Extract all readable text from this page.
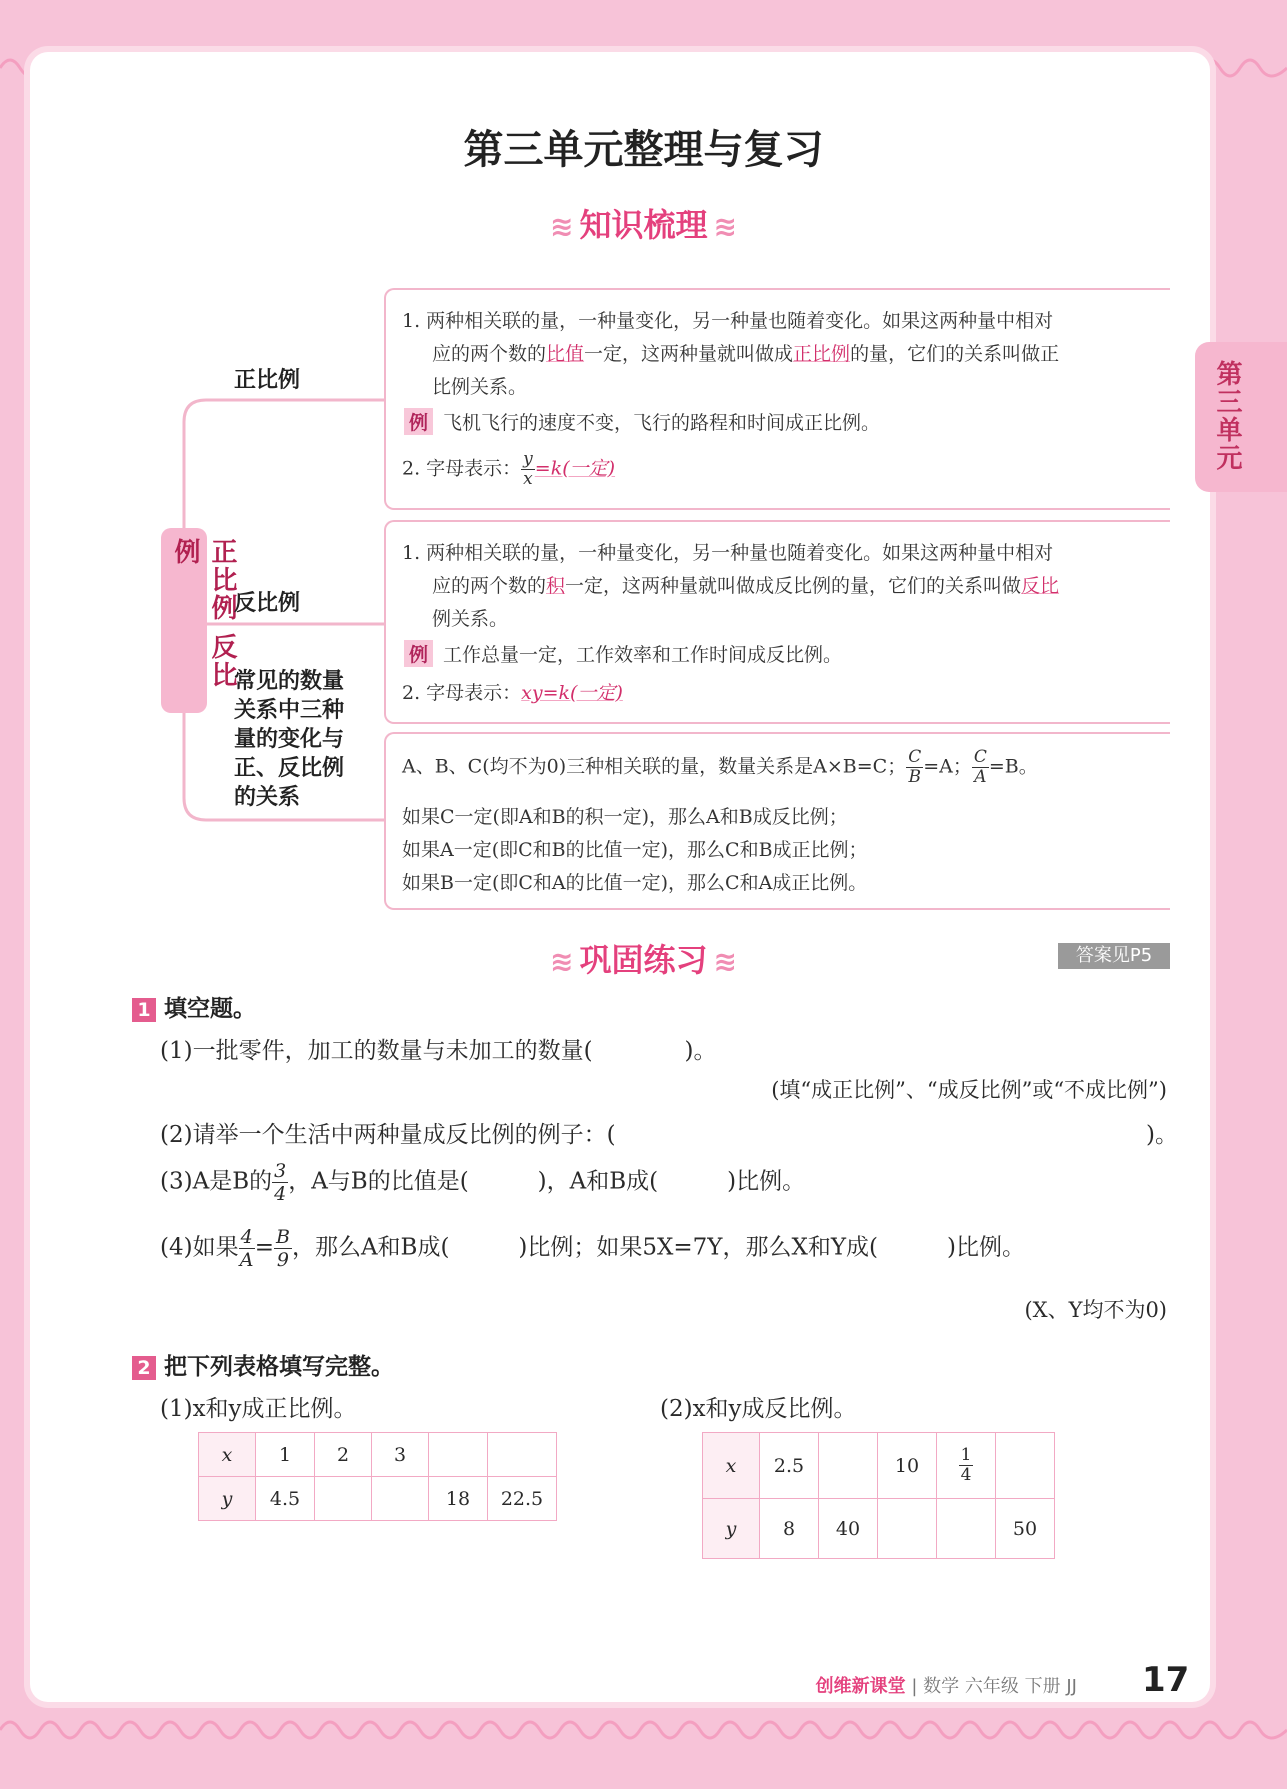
第三单元整理与复习
第三单元
≋ 知识梳理 ≋
正比例 反比例
正比例
反比例
常见的数量关系中三种量的变化与正、反比例的关系
1. 两种相关联的量，一种量变化，另一种量也随着变化。如果这两种量中相对
应的两个数的比值一定，这两种量就叫做成正比例的量，它们的关系叫做正
比例关系。
例 飞机飞行的速度不变，飞行的路程和时间成正比例。
2. 字母表示： $\frac{y}{x} =k$(一定)
1. 两种相关联的量，一种量变化，另一种量也随着变化。如果这两种量中相对
应的两个数的积一定，这两种量就叫做成反比例的量，它们的关系叫做反比
例关系。
例 工作总量一定，工作效率和工作时间成反比例。
2. 字母表示：xy=k(一定)
A、B、C(均不为0)三种相关联的量，数量关系是A×B=C； $\frac{C}{B} =A$； $\frac{C}{A} =B$。
如果C一定(即A和B的积一定)，那么A和B成反比例；
如果A一定(即C和B的比值一定)，那么C和B成正比例；
如果B一定(即C和A的比值一定)，那么C和A成正比例。
≋ 巩固练习 ≋	答案见P5
1 填空题。
(1)一批零件，加工的数量与未加工的数量(　　　　)。
(填“成正比例”、“成反比例”或“不成比例”)
(2)请举一个生活中两种量成反比例的例子：(	)。
(3)A是B的 $\frac{3}{4}$ ，A与B的比值是(　　　)，A和B成(　　　)比例。
(4)如果 $\frac{4}{A} = \frac{B}{9}$ ，那么A和B成(　　　)比例；如果5X=7Y，那么X和Y成(　　　)比例。
(X、Y均不为0)
2 把下列表格填写完整。
(1)x和y成正比例。	(2)x和y成反比例。
x	1	2	3		
y	4.5			18	22.5
x	2.5		10	$\frac{1}{4}$

y	8	40			50
创维新课堂 | 数学 六年级 下册 JJ 17
